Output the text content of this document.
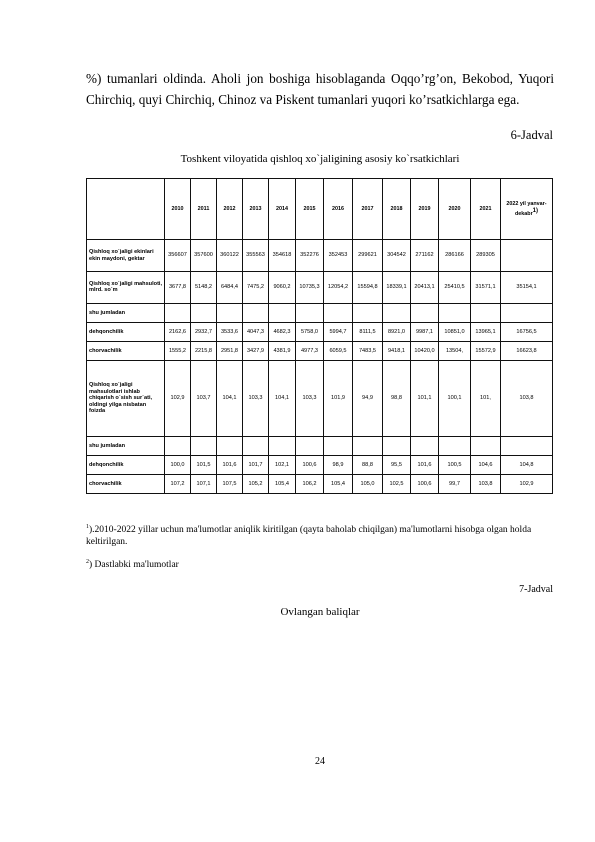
%) tumanlari oldinda. Aholi jon boshiga hisoblaganda Oqqo’rg’on, Bekobod, Yuqori Chirchiq, quyi Chirchiq, Chinoz va Piskent tumanlari yuqori ko’rsatkichlarga ega.

6-Jadval
Toshkent viloyatida qishloq xo`jaligining asosiy ko`rsatkichlari
	2010	2011	2012	2013	2014	2015	2016	2017	2018	2019	2020	2021	2022 yil yanvar-dekabr$^{1)}$
Qishloq xo`jaligi ekinlari ekin maydoni, gektar	356607	357600	360122	355563	354618	352276	352453	299621	304542	271162	286166	289305	
Qishloq xo`jaligi mahsuloti, mlrd. so`m	3677,8	5148,2	6484,4	7475,2	9060,2	10735,3	12054,2	15594,8	18339,1	20413,1	25410,5	31571,1	35154,1
shu jumladan													
dehqonchilik	2162,6	2932,7	3533,6	4047,3	4682,3	5758,0	5994,7	8111,5	8921,0	9987,1	10851,0	13965,1	16756,5
chorvachilik	1555,2	2215,8	2951,8	3427,9	4381,9	4977,3	6059,5	7483,5	9418,1	10420,0	13504,	15572,9	16623,8
Qishloq xo`jaligi mahsulotlari ishlab chiqarish o`sish sur`ati, oldingi yilga nisbatan foizda	102,9	103,7	104,1	103,3	104,1	103,3	101,9	94,9	98,8	101,1	100,1	101,	103,8
shu jumladan													
dehqonchilik	100,0	101,5	101,6	101,7	102,1	100,6	98,9	88,8	95,5	101,6	100,5	104,6	104,8
chorvachilik	107,2	107,1	107,5	105,2	105,4	106,2	105,4	105,0	102,5	100,6	99,7	103,8	102,9
$^1$).2010-2022 yillar uchun ma'lumotlar aniqlik kiritilgan (qayta baholab chiqilgan) ma'lumotlarni hisobga olgan holda keltirilgan.
$^2$) Dastlabki ma'lumotlar
7-Jadval
Ovlangan baliqlar
24
